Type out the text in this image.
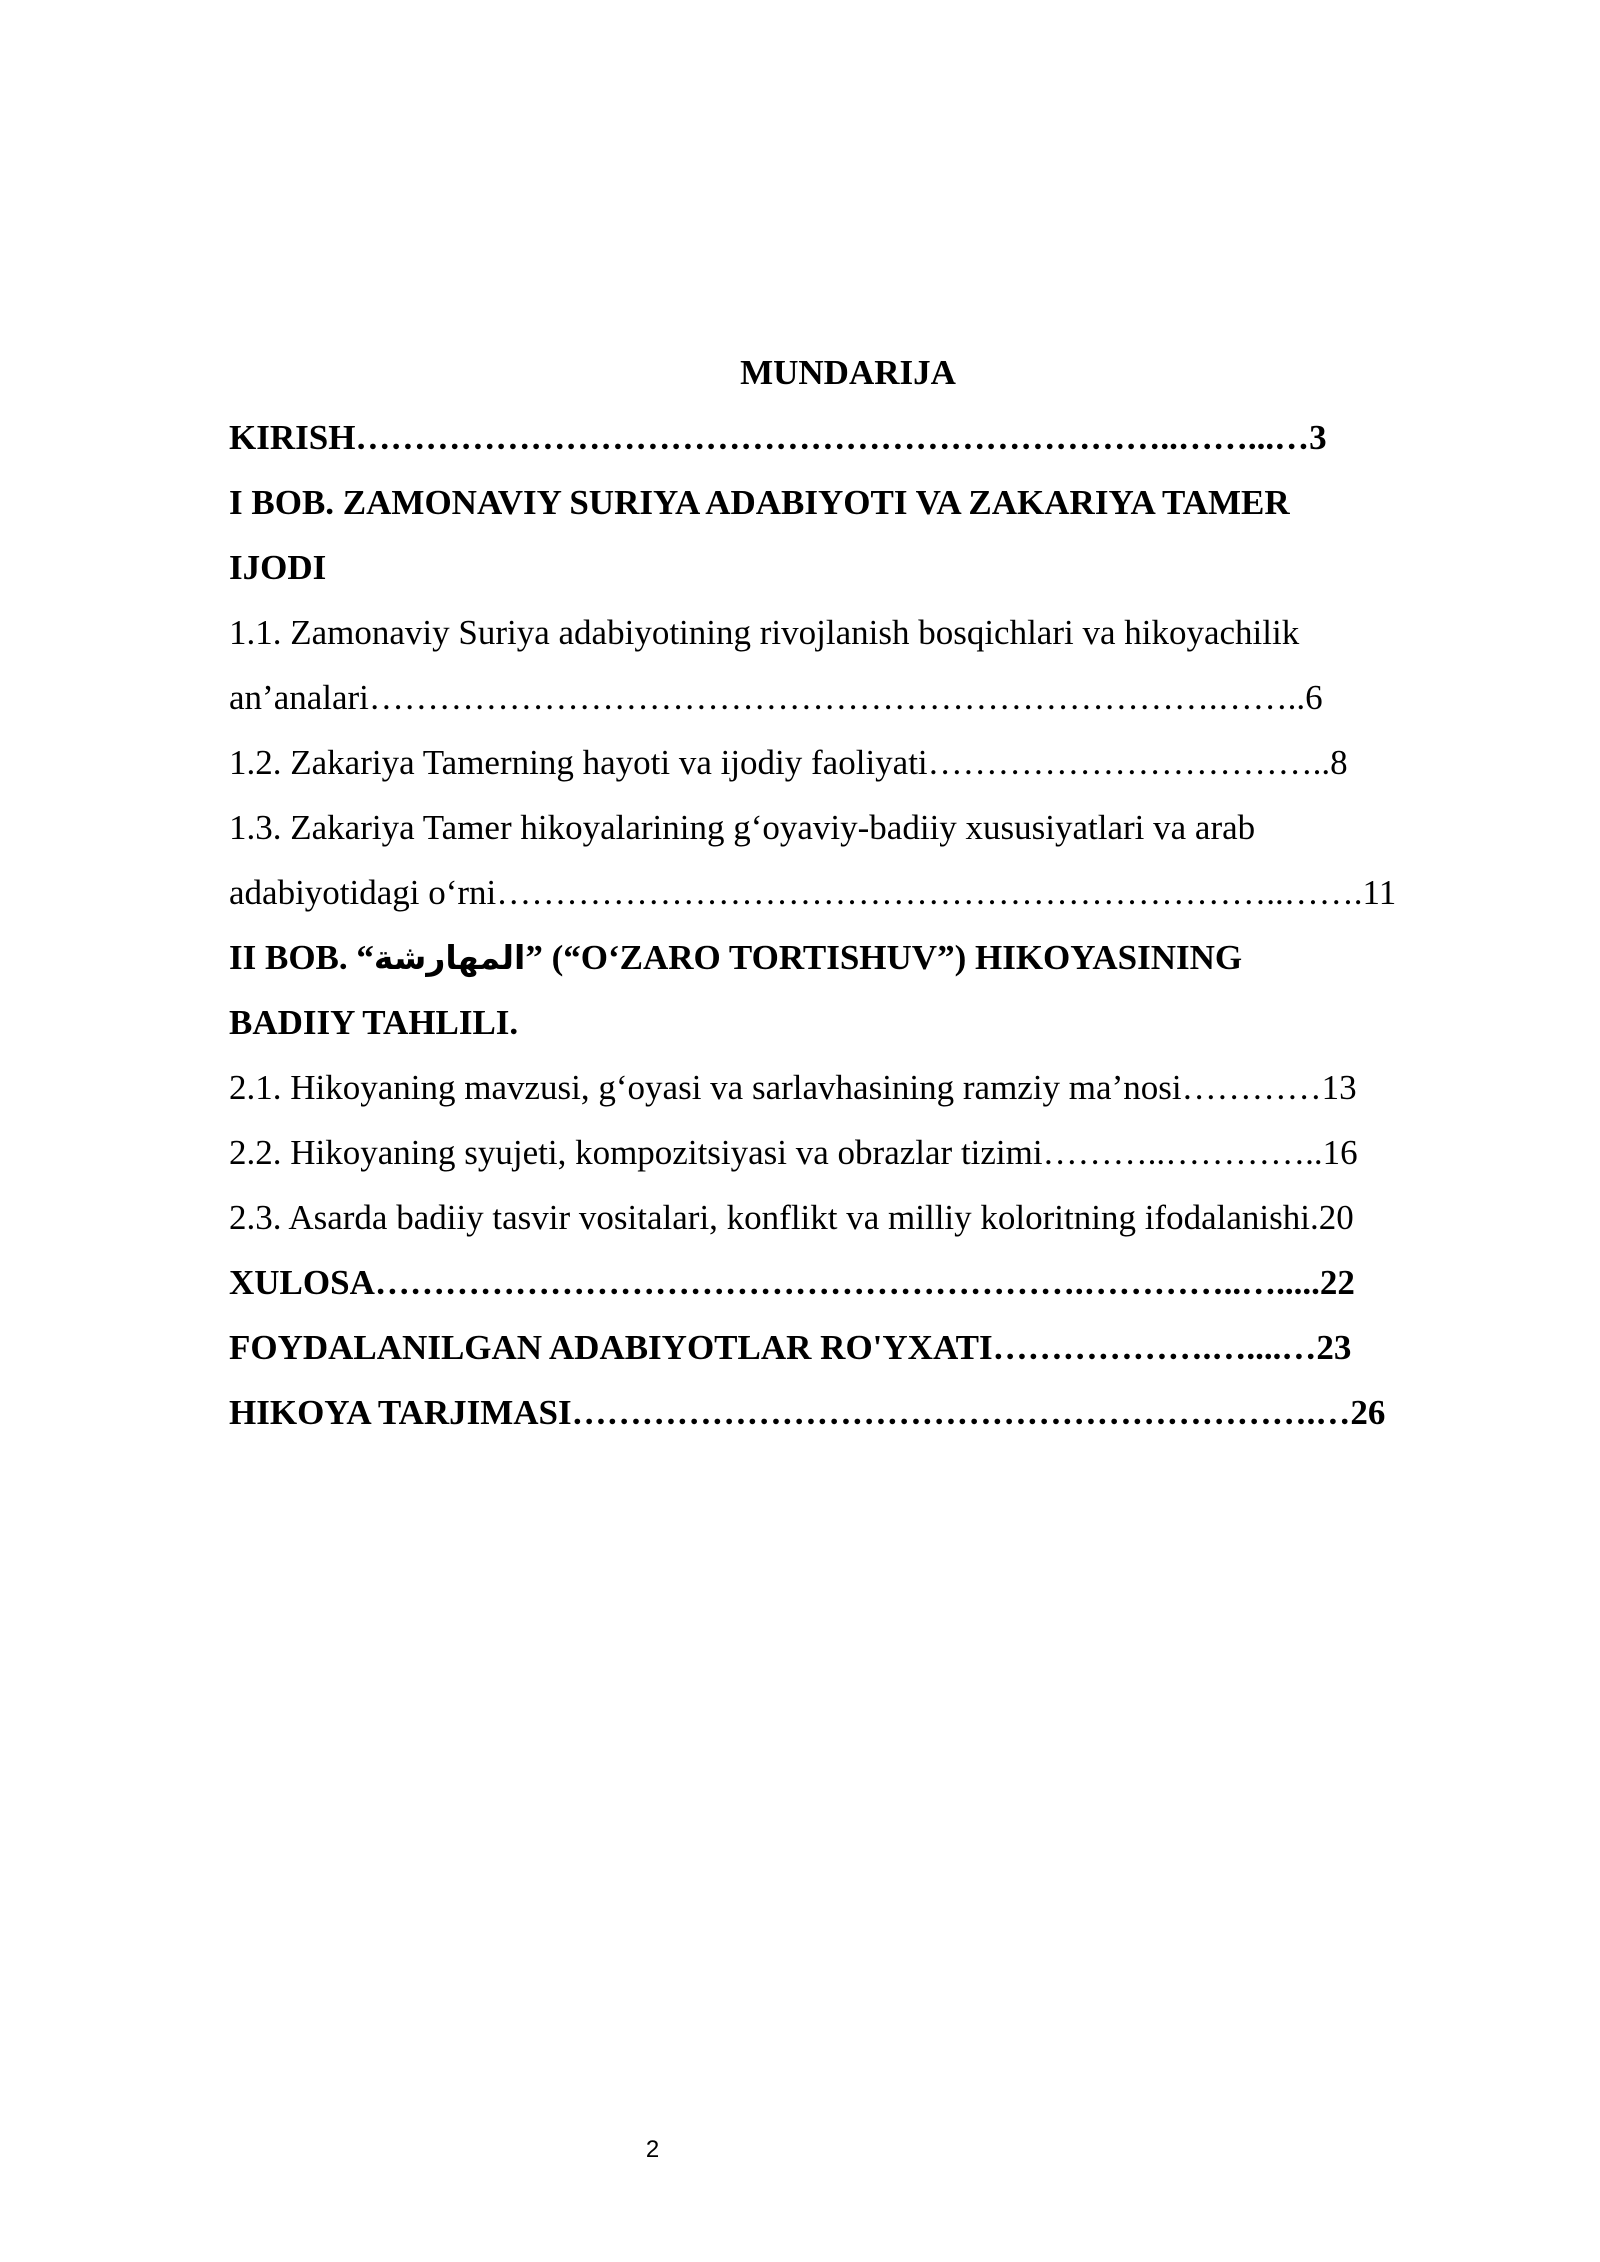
MUNDARIJA
KIRISH……………………………………………………………..……...…3
I BOB. ZAMONAVIY SURIYA ADABIYOTI VA ZAKARIYA TAMER
IJODI
1.1. Zamonaviy Suriya adabiyotining rivojlanish bosqichlari va hikoyachilik
an’analari……………………………………………………………….……..6
1.2. Zakariya Tamerning hayoti va ijodiy faoliyati……………………………..8
1.3. Zakariya Tamer hikoyalarining g‘oyaviy-badiiy xususiyatlari va arab
adabiyotidagi o‘rni…………………………………………………………..…….11
II BOB. “المهارشة” (“O‘ZARO TORTISHUV”) HIKOYASINING
BADIIY TAHLILI.
2.1. Hikoyaning mavzusi, g‘oyasi va sarlavhasining ramziy ma’nosi…………13
2.2. Hikoyaning syujeti, kompozitsiyasi va obrazlar tizimi………..…………..16
2.3. Asarda badiiy tasvir vositalari, konflikt va milliy koloritning ifodalanishi.20
XULOSA…………………………………………………….…………..….....22
FOYDALANILGAN ADABIYOTLAR RO'YXATI……………….…....…23
HIKOYA TARJIMASI……………………………………………………….…26
2
